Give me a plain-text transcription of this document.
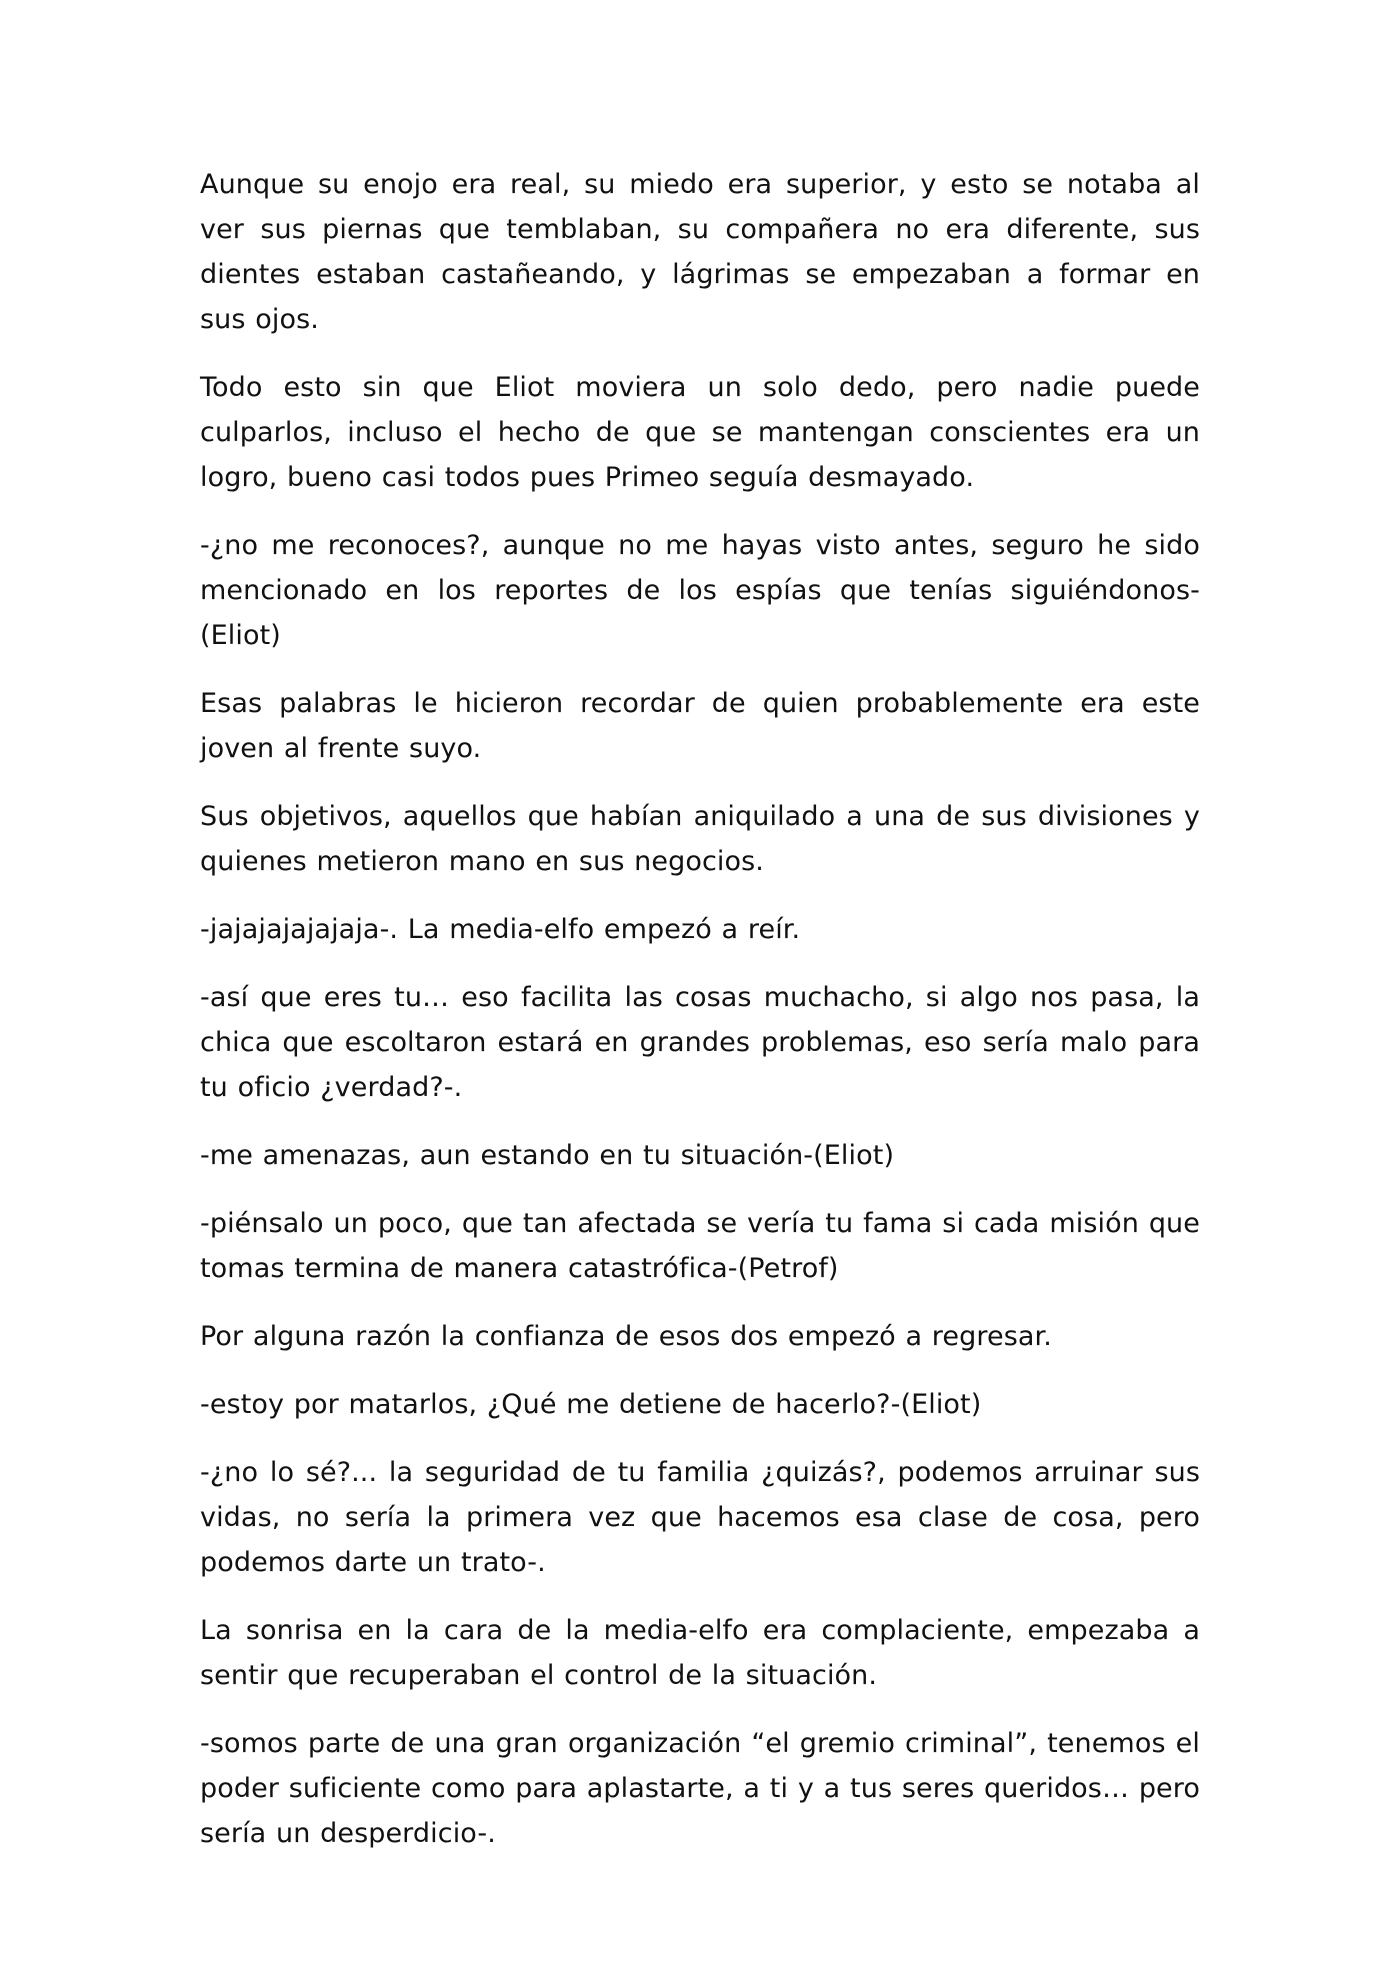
Aunque su enojo era real, su miedo era superior, y esto se notaba al ver sus piernas que temblaban, su compañera no era diferente, sus dientes estaban castañeando, y lágrimas se empezaban a formar en sus ojos.

Todo esto sin que Eliot moviera un solo dedo, pero nadie puede culparlos, incluso el hecho de que se mantengan conscientes era un logro, bueno casi todos pues Primeo seguía desmayado.

-¿no me reconoces?, aunque no me hayas visto antes, seguro he sido mencionado en los reportes de los espías que tenías siguiéndonos-(Eliot)

Esas palabras le hicieron recordar de quien probablemente era este joven al frente suyo.

Sus objetivos, aquellos que habían aniquilado a una de sus divisiones y quienes metieron mano en sus negocios.

-jajajajajajaja-. La media-elfo empezó a reír.

-así que eres tu… eso facilita las cosas muchacho, si algo nos pasa, la chica que escoltaron estará en grandes problemas, eso sería malo para tu oficio ¿verdad?-.

-me amenazas, aun estando en tu situación-(Eliot)

-piénsalo un poco, que tan afectada se vería tu fama si cada misión que tomas termina de manera catastrófica-(Petrof)

Por alguna razón la confianza de esos dos empezó a regresar.

-estoy por matarlos, ¿Qué me detiene de hacerlo?-(Eliot)

-¿no lo sé?... la seguridad de tu familia ¿quizás?, podemos arruinar sus vidas, no sería la primera vez que hacemos esa clase de cosa, pero podemos darte un trato-.

La sonrisa en la cara de la media-elfo era complaciente, empezaba a sentir que recuperaban el control de la situación.

-somos parte de una gran organización “el gremio criminal”, tenemos el poder suficiente como para aplastarte, a ti y a tus seres queridos… pero sería un desperdicio-.
